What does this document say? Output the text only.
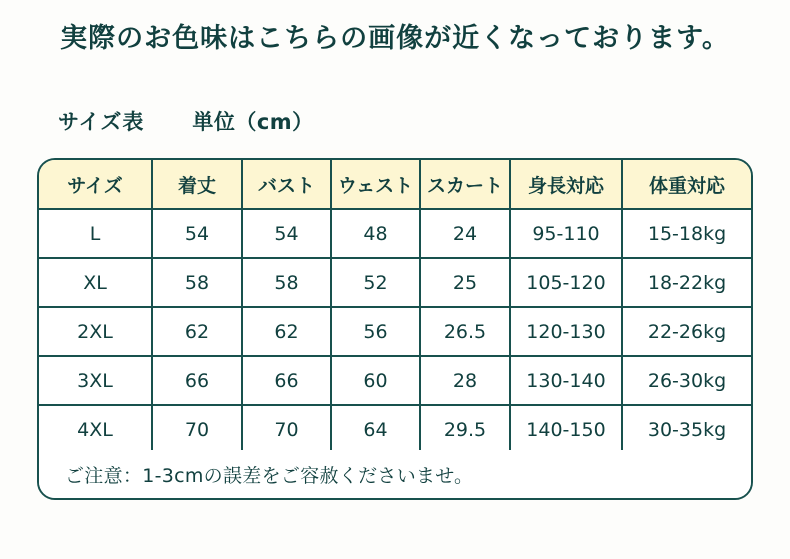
実際のお色味はこちらの画像が近くなっております。
サイズ表 単位（cm）
サイズ	着丈	バスト	ウェスト	スカート	身長対応	体重対応
L	54	54	48	24	95-110	15-18kg
XL	58	58	52	25	105-120	18-22kg
2XL	62	62	56	26.5	120-130	22-26kg
3XL	66	66	60	28	130-140	26-30kg
4XL	70	70	64	29.5	140-150	30-35kg
ご注意：1-3cmの誤差をご容赦くださいませ。
